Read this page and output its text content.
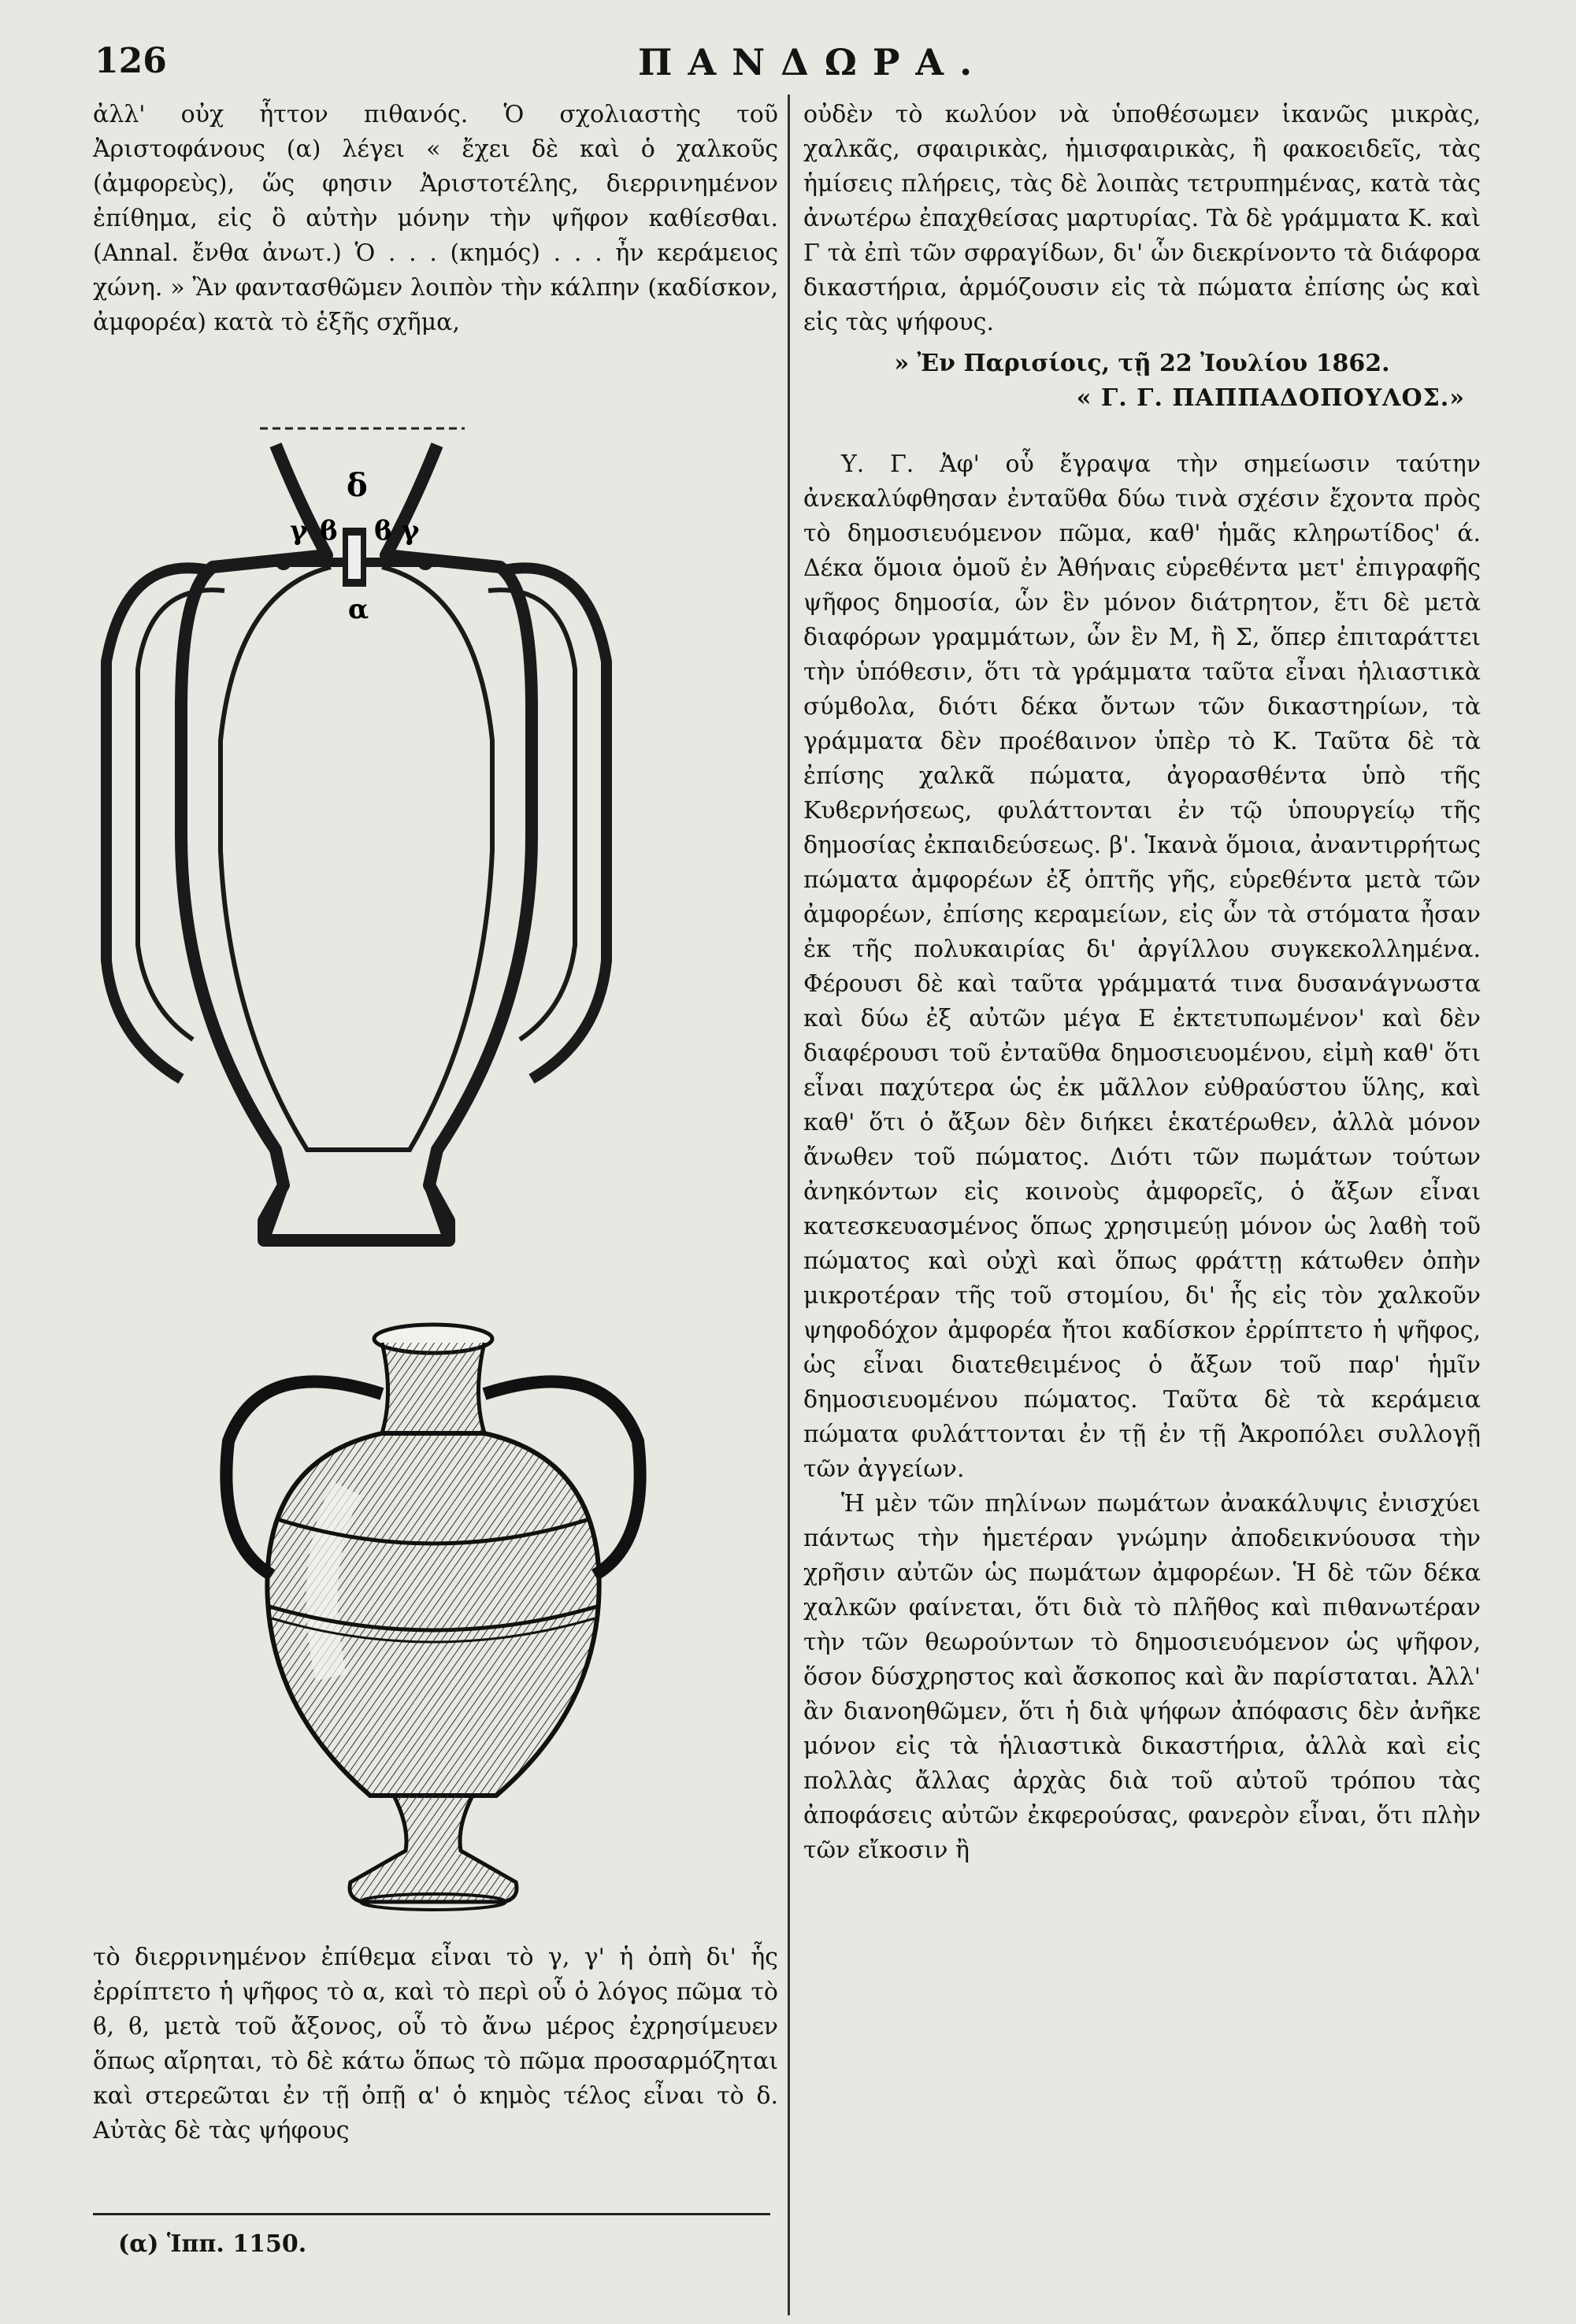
126	ΠΑΝΔΩΡΑ.

ἀλλ' οὐχ ἧττον πιθανός. Ὁ σχολιαστὴς τοῦ Ἀριστοφάνους (α) λέγει « ἔχει δὲ καὶ ὁ χαλκοῦς (ἀμφορεὺς), ὥς φησιν Ἀριστοτέλης, διερρινημένον ἐπίθημα, εἰς ὃ αὐτὴν μόνην τὴν ψῆφον καθίεσθαι. (Annal. ἔνθα ἀνωτ.) Ὁ . . . (κημός) . . . ἦν κεράμειος χώνη. » Ἂν φαντασθῶμεν λοιπὸν τὴν κάλπην (καδίσκον, ἀμφορέα) κατὰ τὸ ἑξῆς σχῆμα,

δ
γ ϐ ϐ γ
α

τὸ διερρινημένον ἐπίθεμα εἶναι τὸ γ, γ' ἡ ὀπὴ δι' ἧς ἐρρίπτετο ἡ ψῆφος τὸ α, καὶ τὸ περὶ οὗ ὁ λόγος πῶμα τὸ ϐ, ϐ, μετὰ τοῦ ἄξονος, οὗ τὸ ἄνω μέρος ἐχρησίμευεν ὅπως αἴρηται, τὸ δὲ κάτω ὅπως τὸ πῶμα προσαρμόζηται καὶ στερεῶται ἐν τῇ ὀπῇ α' ὁ κημὸς τέλος εἶναι τὸ δ. Αὐτὰς δὲ τὰς ψήφους

(α) Ἱππ. 1150.

οὐδὲν τὸ κωλύον νὰ ὑποθέσωμεν ἱκανῶς μικρὰς, χαλκᾶς, σφαιρικὰς, ἡμισφαιρικὰς, ἢ φακοειδεῖς, τὰς ἡμίσεις πλήρεις, τὰς δὲ λοιπὰς τετρυπημένας, κατὰ τὰς ἀνωτέρω ἐπαχθείσας μαρτυρίας. Τὰ δὲ γράμματα Κ. καὶ Γ τὰ ἐπὶ τῶν σφραγίδων, δι' ὧν διεκρίνοντο τὰ διάφορα δικαστήρια, ἁρμόζουσιν εἰς τὰ πώματα ἐπίσης ὡς καὶ εἰς τὰς ψήφους.

» Ἐν Παρισίοις, τῇ 22 Ἰουλίου 1862.

« Γ. Γ. ΠΑΠΠΑΔΟΠΟΥΛΟΣ.»

Υ. Γ. Ἀφ' οὗ ἔγραψα τὴν σημείωσιν ταύτην ἀνεκαλύφθησαν ἐνταῦθα δύω τινὰ σχέσιν ἔχοντα πρὸς τὸ δημοσιευόμενον πῶμα, καθ' ἡμᾶς κληρωτίδος' ά. Δέκα ὅμοια ὁμοῦ ἐν Ἀθήναις εὑρεθέντα μετ' ἐπιγραφῆς ψῆφος δημοσία, ὧν ἓν μόνον διάτρητον, ἔτι δὲ μετὰ διαφόρων γραμμάτων, ὧν ἓν Μ, ἢ Σ, ὅπερ ἐπιταράττει τὴν ὑπόθεσιν, ὅτι τὰ γράμματα ταῦτα εἶναι ἡλιαστικὰ σύμϐολα, διότι δέκα ὄντων τῶν δικαστηρίων, τὰ γράμματα δὲν προέϐαινον ὑπὲρ τὸ Κ. Ταῦτα δὲ τὰ ἐπίσης χαλκᾶ πώματα, ἀγορασθέντα ὑπὸ τῆς Κυϐερνήσεως, φυλάττονται ἐν τῷ ὑπουργείῳ τῆς δημοσίας ἐκπαιδεύσεως. β'. Ἱκανὰ ὅμοια, ἀναντιρρήτως πώματα ἀμφορέων ἐξ ὀπτῆς γῆς, εὑρεθέντα μετὰ τῶν ἀμφορέων, ἐπίσης κεραμείων, εἰς ὧν τὰ στόματα ἦσαν ἐκ τῆς πολυκαιρίας δι' ἀργίλλου συγκεκολλημένα. Φέρουσι δὲ καὶ ταῦτα γράμματά τινα δυσανάγνωστα καὶ δύω ἐξ αὐτῶν μέγα Ε ἐκτετυπωμένον' καὶ δὲν διαφέρουσι τοῦ ἐνταῦθα δημοσιευομένου, εἰμὴ καθ' ὅτι εἶναι παχύτερα ὡς ἐκ μᾶλλον εὐθραύστου ὕλης, καὶ καθ' ὅτι ὁ ἄξων δὲν διήκει ἑκατέρωθεν, ἀλλὰ μόνον ἄνωθεν τοῦ πώματος. Διότι τῶν πωμάτων τούτων ἀνηκόντων εἰς κοινοὺς ἀμφορεῖς, ὁ ἄξων εἶναι κατεσκευασμένος ὅπως χρησιμεύῃ μόνον ὡς λαϐὴ τοῦ πώματος καὶ οὐχὶ καὶ ὅπως φράττῃ κάτωθεν ὀπὴν μικροτέραν τῆς τοῦ στομίου, δι' ἧς εἰς τὸν χαλκοῦν ψηφοδόχον ἀμφορέα ἤτοι καδίσκον ἐρρίπτετο ἡ ψῆφος, ὡς εἶναι διατεθειμένος ὁ ἄξων τοῦ παρ' ἡμῖν δημοσιευομένου πώματος. Ταῦτα δὲ τὰ κεράμεια πώματα φυλάττονται ἐν τῇ ἐν τῇ Ἀκροπόλει συλλογῇ τῶν ἀγγείων.

Ἡ μὲν τῶν πηλίνων πωμάτων ἀνακάλυψις ἐνισχύει πάντως τὴν ἡμετέραν γνώμην ἀποδεικνύουσα τὴν χρῆσιν αὐτῶν ὡς πωμάτων ἀμφορέων. Ἡ δὲ τῶν δέκα χαλκῶν φαίνεται, ὅτι διὰ τὸ πλῆθος καὶ πιθανωτέραν τὴν τῶν θεωρούντων τὸ δημοσιευόμενον ὡς ψῆφον, ὅσον δύσχρηστος καὶ ἄσκοπος καὶ ἂν παρίσταται. Ἀλλ' ἂν διανοηθῶμεν, ὅτι ἡ διὰ ψήφων ἀπόφασις δὲν ἀνῆκε μόνον εἰς τὰ ἡλιαστικὰ δικαστήρια, ἀλλὰ καὶ εἰς πολλὰς ἄλλας ἀρχὰς διὰ τοῦ αὐτοῦ τρόπου τὰς ἀποφάσεις αὐτῶν ἐκφερούσας, φανερὸν εἶναι, ὅτι πλὴν τῶν εἴκοσιν ἢ
